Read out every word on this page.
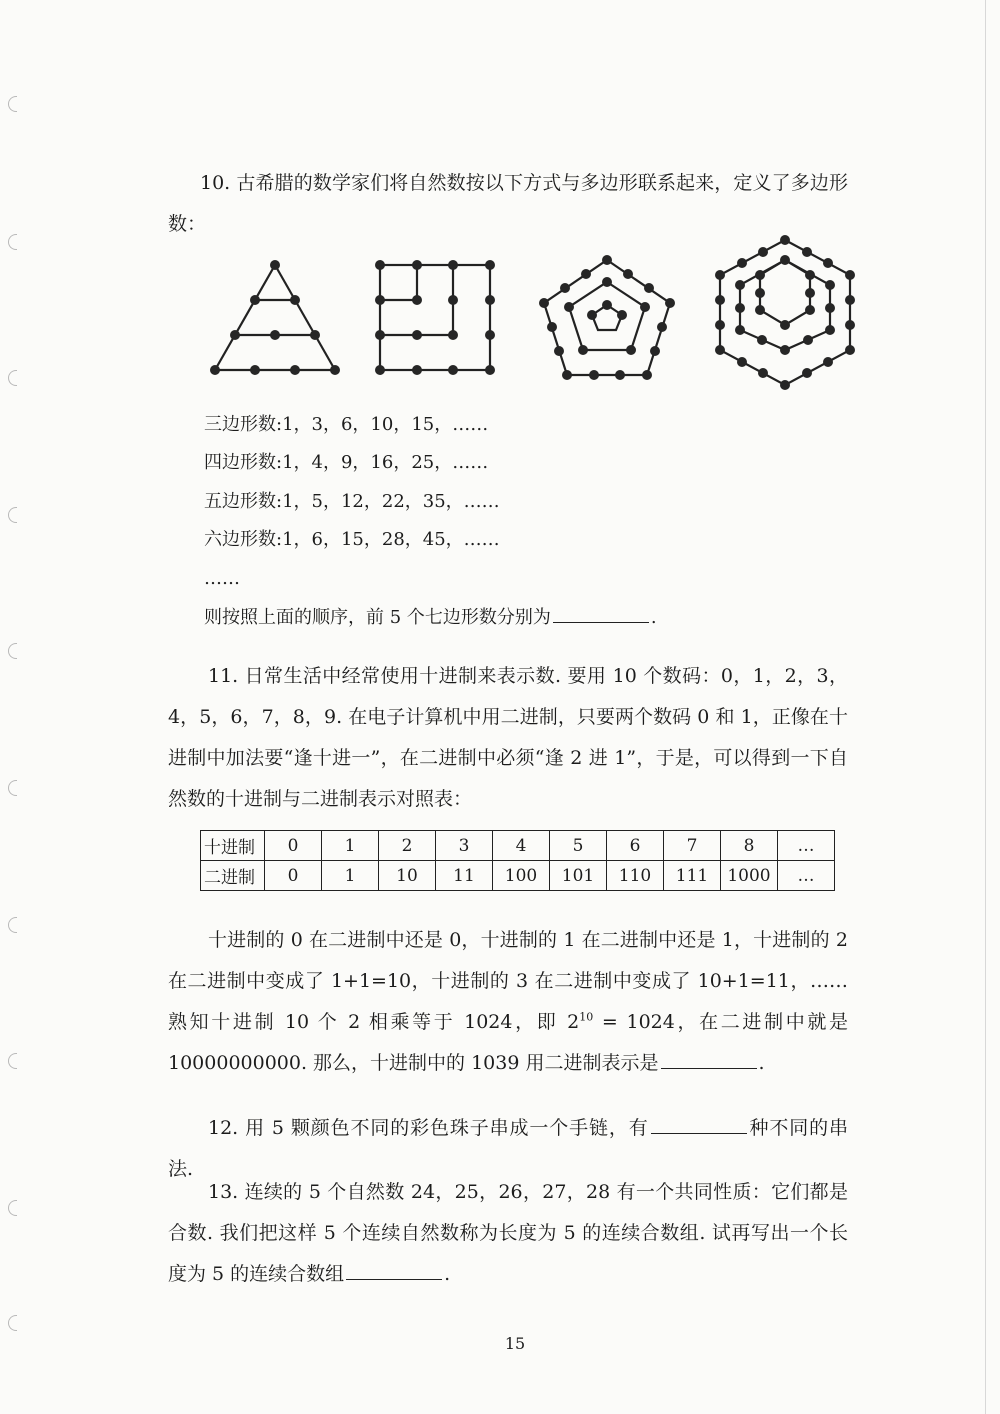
10. 古希腊的数学家们将自然数按以下方式与多边形联系起来，定义了多边形数：
三边形数:1，3，6，10，15，……
四边形数:1，4，9，16，25，……
五边形数:1，5，12，22，35，……
六边形数:1，6，15，28，45，……
……
则按照上面的顺序，前 5 个七边形数分别为	.
11. 日常生活中经常使用十进制来表示数. 要用 10 个数码：0，1，2，3，4，5，6，7，8，9. 在电子计算机中用二进制，只要两个数码 0 和 1，正像在十进制中加法要“逢十进一”，在二进制中必须“逢 2 进 1”，于是，可以得到一下自然数的十进制与二进制表示对照表：
十进制	0	1	2	3	4	5	6	7	8	…
二进制	0	1	10	11	100	101	110	111	1000	…
十进制的 0 在二进制中还是 0，十进制的 1 在二进制中还是 1，十进制的 2 在二进制中变成了 1+1=10，十进制的 3 在二进制中变成了 10+1=11，……熟知十进制 10 个 2 相乘等于 1024，即 $2^{10} = 1024$，在二进制中就是 10000000000. 那么，十进制中的 1039 用二进制表示是	.
12. 用 5 颗颜色不同的彩色珠子串成一个手链，有	种不同的串法.
13. 连续的 5 个自然数 24，25，26，27，28 有一个共同性质：它们都是合数. 我们把这样 5 个连续自然数称为长度为 5 的连续合数组. 试再写出一个长度为 5 的连续合数组	.
15
